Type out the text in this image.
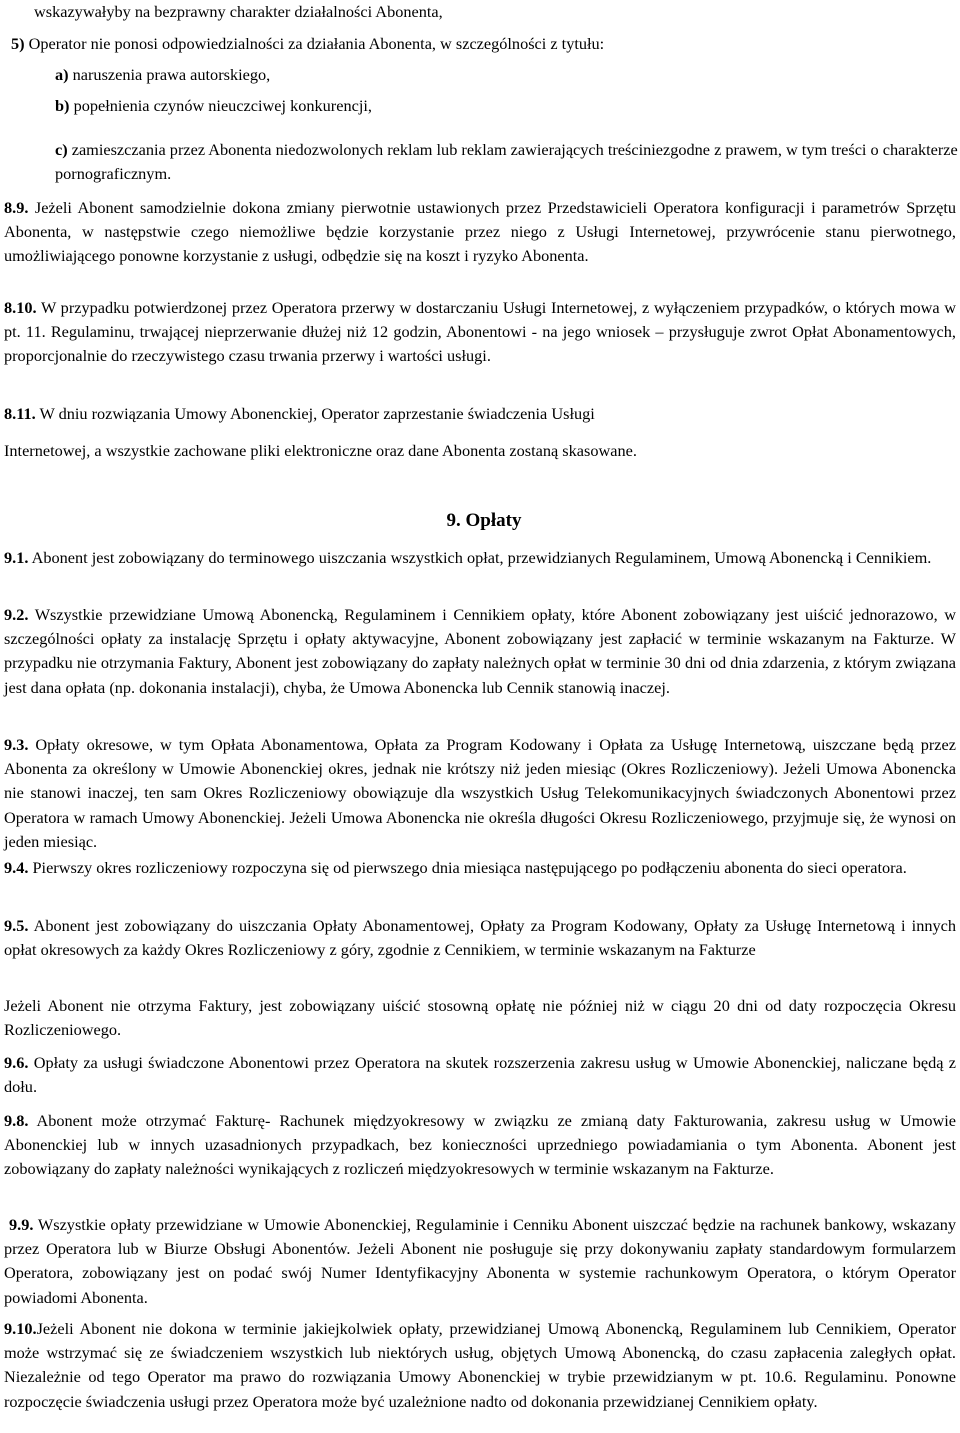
wskazywałyby na bezprawny charakter działalności Abonenta,
5) Operator nie ponosi odpowiedzialności za działania Abonenta, w szczególności z tytułu:
a) naruszenia prawa autorskiego,
b) popełnienia czynów nieuczciwej konkurencji,
c) zamieszczania przez Abonenta niedozwolonych reklam lub reklam zawierających treściniezgodne z prawem, w tym treści o charakterze pornograficznym.
8.9. Jeżeli Abonent samodzielnie dokona zmiany pierwotnie ustawionych przez Przedstawicieli Operatora konfiguracji i parametrów Sprzętu Abonenta, w następstwie czego niemożliwe będzie korzystanie przez niego z Usługi Internetowej, przywrócenie stanu pierwotnego, umożliwiającego ponowne korzystanie z usługi, odbędzie się na koszt i ryzyko Abonenta.
8.10. W przypadku potwierdzonej przez Operatora przerwy w dostarczaniu Usługi Internetowej, z wyłączeniem przypadków, o których mowa w pt. 11. Regulaminu, trwającej nieprzerwanie dłużej niż 12 godzin, Abonentowi - na jego wniosek – przysługuje zwrot Opłat Abonamentowych, proporcjonalnie do rzeczywistego czasu trwania przerwy i wartości usługi.
8.11. W dniu rozwiązania Umowy Abonenckiej, Operator zaprzestanie świadczenia Usługi
Internetowej, a wszystkie zachowane pliki elektroniczne oraz dane Abonenta zostaną skasowane.
9. Opłaty
9.1. Abonent jest zobowiązany do terminowego uiszczania wszystkich opłat, przewidzianych Regulaminem, Umową Abonencką i Cennikiem.
9.2. Wszystkie przewidziane Umową Abonencką, Regulaminem i Cennikiem opłaty, które Abonent zobowiązany jest uiścić jednorazowo, w szczególności opłaty za instalację Sprzętu i opłaty aktywacyjne, Abonent zobowiązany jest zapłacić w terminie wskazanym na Fakturze. W przypadku nie otrzymania Faktury, Abonent jest zobowiązany do zapłaty należnych opłat w terminie 30 dni od dnia zdarzenia, z którym związana jest dana opłata (np. dokonania instalacji), chyba, że Umowa Abonencka lub Cennik stanowią inaczej.
9.3. Opłaty okresowe, w tym Opłata Abonamentowa, Opłata za Program Kodowany i Opłata za Usługę Internetową, uiszczane będą przez Abonenta za określony w Umowie Abonenckiej okres, jednak nie krótszy niż jeden miesiąc (Okres Rozliczeniowy). Jeżeli Umowa Abonencka nie stanowi inaczej, ten sam Okres Rozliczeniowy obowiązuje dla wszystkich Usług Telekomunikacyjnych świadczonych Abonentowi przez Operatora w ramach Umowy Abonenckiej. Jeżeli Umowa Abonencka nie określa długości Okresu Rozliczeniowego, przyjmuje się, że wynosi on jeden miesiąc.
9.4. Pierwszy okres rozliczeniowy rozpoczyna się od pierwszego dnia miesiąca następującego po podłączeniu abonenta do sieci operatora.
9.5. Abonent jest zobowiązany do uiszczania Opłaty Abonamentowej, Opłaty za Program Kodowany, Opłaty za Usługę Internetową i innych opłat okresowych za każdy Okres Rozliczeniowy z góry, zgodnie z Cennikiem, w terminie wskazanym na Fakturze
Jeżeli Abonent nie otrzyma Faktury, jest zobowiązany uiścić stosowną opłatę nie później niż w ciągu 20 dni od daty rozpoczęcia Okresu Rozliczeniowego.
9.6. Opłaty za usługi świadczone Abonentowi przez Operatora na skutek rozszerzenia zakresu usług w Umowie Abonenckiej, naliczane będą z dołu.
9.8. Abonent może otrzymać Fakturę- Rachunek międzyokresowy w związku ze zmianą daty Fakturowania, zakresu usług w Umowie Abonenckiej lub w innych uzasadnionych przypadkach, bez konieczności uprzedniego powiadamiania o tym Abonenta. Abonent jest zobowiązany do zapłaty należności wynikających z rozliczeń międzyokresowych w terminie wskazanym na Fakturze.
9.9. Wszystkie opłaty przewidziane w Umowie Abonenckiej, Regulaminie i Cenniku Abonent uiszczać będzie na rachunek bankowy, wskazany przez Operatora lub w Biurze Obsługi Abonentów. Jeżeli Abonent nie posługuje się przy dokonywaniu zapłaty standardowym formularzem Operatora, zobowiązany jest on podać swój Numer Identyfikacyjny Abonenta w systemie rachunkowym Operatora, o którym Operator powiadomi Abonenta.
9.10.Jeżeli Abonent nie dokona w terminie jakiejkolwiek opłaty, przewidzianej Umową Abonencką, Regulaminem lub Cennikiem, Operator może wstrzymać się ze świadczeniem wszystkich lub niektórych usług, objętych Umową Abonencką, do czasu zapłacenia zaległych opłat. Niezależnie od tego Operator ma prawo do rozwiązania Umowy Abonenckiej w trybie przewidzianym w pt. 10.6. Regulaminu. Ponowne rozpoczęcie świadczenia usługi przez Operatora może być uzależnione nadto od dokonania przewidzianej Cennikiem opłaty.
